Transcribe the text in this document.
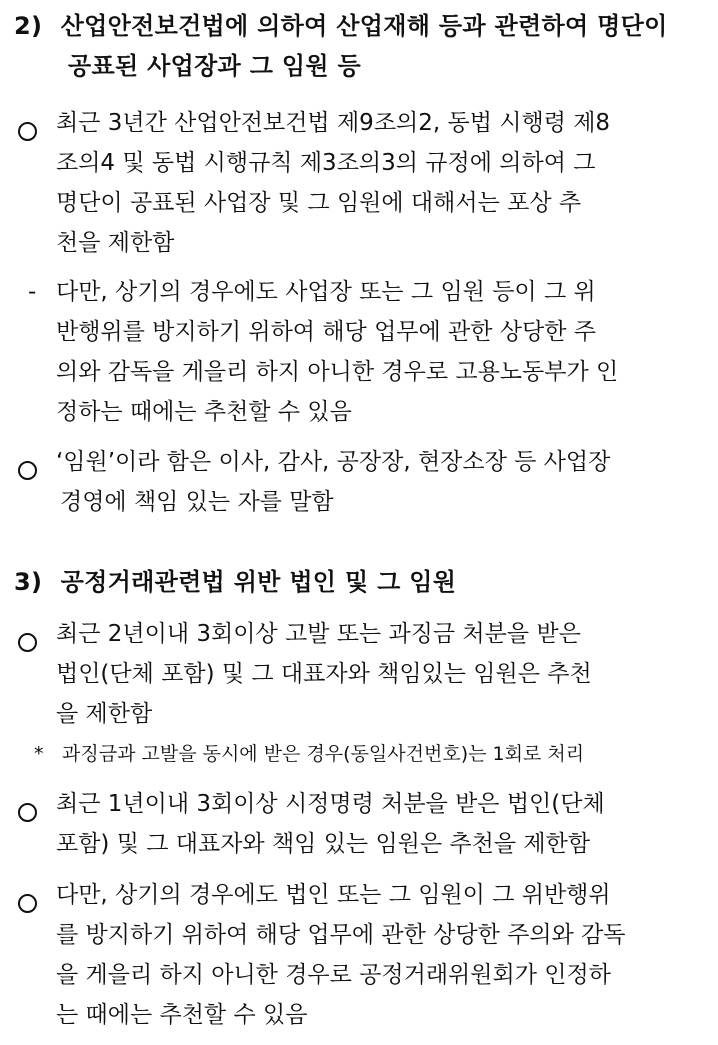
2) 산업안전보건법에 의하여 산업재해 등과 관련하여 명단이
공표된 사업장과 그 임원 등
최근 3년간 산업안전보건법 제9조의2, 동법 시행령 제8
조의4 및 동법 시행규칙 제3조의3의 규정에 의하여 그
명단이 공표된 사업장 및 그 임원에 대해서는 포상 추
천을 제한함
- 다만, 상기의 경우에도 사업장 또는 그 임원 등이 그 위
반행위를 방지하기 위하여 해당 업무에 관한 상당한 주
의와 감독을 게을리 하지 아니한 경우로 고용노동부가 인
정하는 때에는 추천할 수 있음
‘임원’이라 함은 이사, 감사, 공장장, 현장소장 등 사업장
경영에 책임 있는 자를 말함
3) 공정거래관련법 위반 법인 및 그 임원
최근 2년이내 3회이상 고발 또는 과징금 처분을 받은
법인(단체 포함) 및 그 대표자와 책임있는 임원은 추천
을 제한함
* 과징금과 고발을 동시에 받은 경우(동일사건번호)는 1회로 처리
최근 1년이내 3회이상 시정명령 처분을 받은 법인(단체
포함) 및 그 대표자와 책임 있는 임원은 추천을 제한함
다만, 상기의 경우에도 법인 또는 그 임원이 그 위반행위
를 방지하기 위하여 해당 업무에 관한 상당한 주의와 감독
을 게을리 하지 아니한 경우로 공정거래위원회가 인정하
는 때에는 추천할 수 있음
